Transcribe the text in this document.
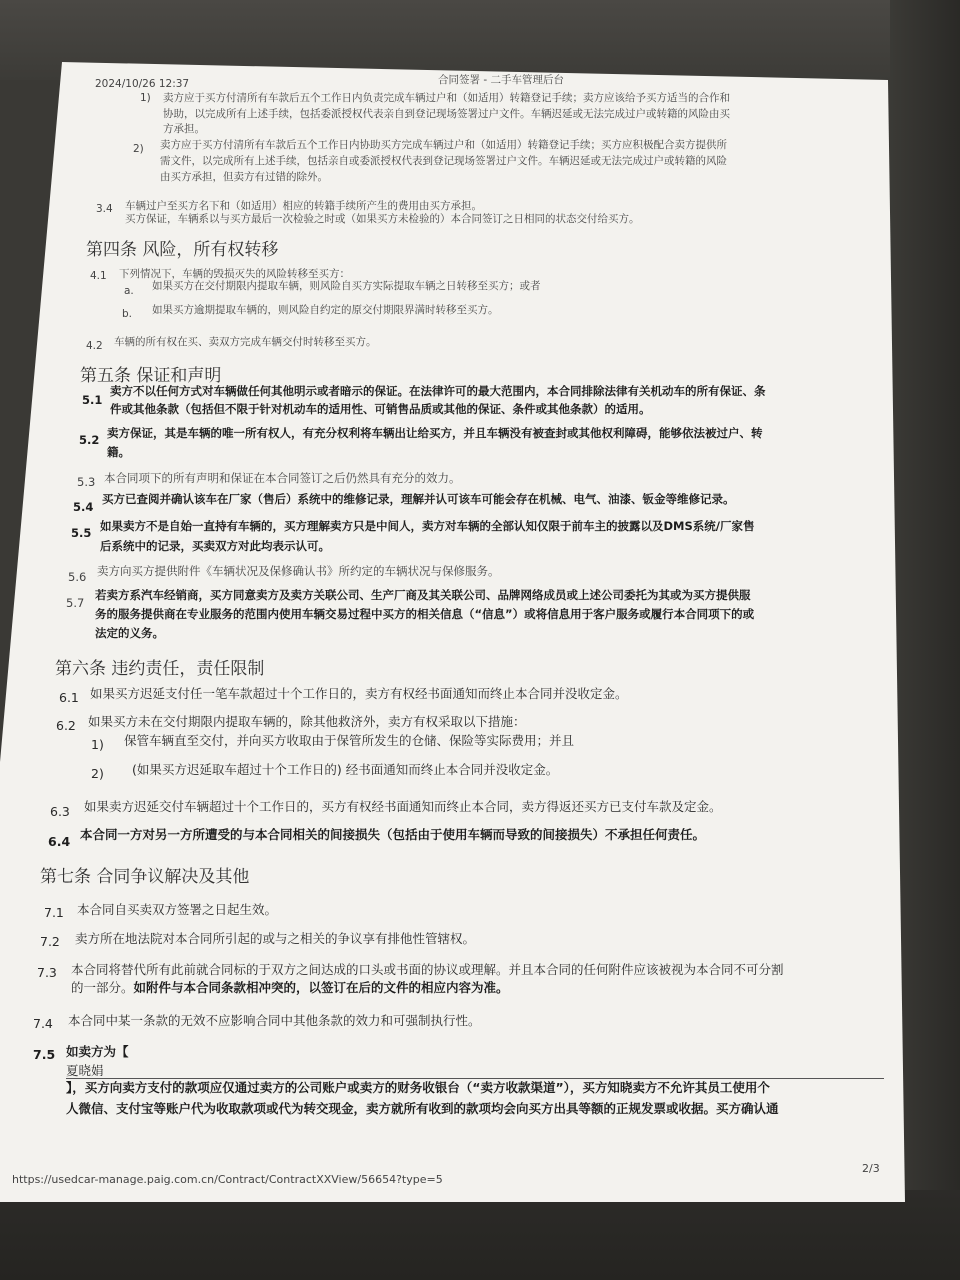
2024/10/26 12:37	合同签署 - 二手车管理后台
1) 卖方应于买方付清所有车款后五个工作日内负责完成车辆过户和（如适用）转籍登记手续；卖方应该给予买方适当的合作和
协助，以完成所有上述手续，包括委派授权代表亲自到登记现场签署过户文件。车辆迟延或无法完成过户或转籍的风险由买
方承担。
2) 卖方应于买方付清所有车款后五个工作日内协助买方完成车辆过户和（如适用）转籍登记手续；买方应积极配合卖方提供所
需文件，以完成所有上述手续，包括亲自或委派授权代表到登记现场签署过户文件。车辆迟延或无法完成过户或转籍的风险
由买方承担，但卖方有过错的除外。
3.4 车辆过户至买方名下和（如适用）相应的转籍手续所产生的费用由买方承担。
买方保证，车辆系以与买方最后一次检验之时或（如果买方未检验的）本合同签订之日相同的状态交付给买方。
第四条 风险，所有权转移
4.1 下列情况下，车辆的毁损灭失的风险转移至买方：
a. 如果买方在交付期限内提取车辆，则风险自买方实际提取车辆之日转移至买方；或者
b. 如果买方逾期提取车辆的，则风险自约定的原交付期限界满时转移至买方。
4.2 车辆的所有权在买、卖双方完成车辆交付时转移至买方。
第五条 保证和声明
5.1
卖方不以任何方式对车辆做任何其他明示或者暗示的保证。在法律许可的最大范围内，本合同排除法律有关机动车的所有保证、条
件或其他条款（包括但不限于针对机动车的适用性、可销售品质或其他的保证、条件或其他条款）的适用。
5.2 卖方保证，其是车辆的唯一所有权人，有充分权利将车辆出让给买方，并且车辆没有被查封或其他权利障碍，能够依法被过户、转
籍。
5.3 本合同项下的所有声明和保证在本合同签订之后仍然具有充分的效力。
5.4
买方已查阅并确认该车在厂家（售后）系统中的维修记录，理解并认可该车可能会存在机械、电气、油漆、钣金等维修记录。
5.5 如果卖方不是自始一直持有车辆的，买方理解卖方只是中间人，卖方对车辆的全部认知仅限于前车主的披露以及DMS系统/厂家售
后系统中的记录，买卖双方对此均表示认可。
5.6 卖方向买方提供附件《车辆状况及保修确认书》所约定的车辆状况与保修服务。
5.7
若卖方系汽车经销商，买方同意卖方及卖方关联公司、生产厂商及其关联公司、品牌网络成员或上述公司委托为其或为买方提供服
务的服务提供商在专业服务的范围内使用车辆交易过程中买方的相关信息（“信息”）或将信息用于客户服务或履行本合同项下的或
法定的义务。
第六条 违约责任，责任限制
6.1 如果买方迟延支付任一笔车款超过十个工作日的，卖方有权经书面通知而终止本合同并没收定金。
6.2 如果买方未在交付期限内提取车辆的，除其他救济外，卖方有权采取以下措施：
1) 保管车辆直至交付，并向买方收取由于保管所发生的仓储、保险等实际费用；并且
2) (如果买方迟延取车超过十个工作日的) 经书面通知而终止本合同并没收定金。
6.3 如果卖方迟延交付车辆超过十个工作日的，买方有权经书面通知而终止本合同，卖方得返还买方已支付车款及定金。
6.4 本合同一方对另一方所遭受的与本合同相关的间接损失（包括由于使用车辆而导致的间接损失）不承担任何责任。
第七条 合同争议解决及其他
7.1 本合同自买卖双方签署之日起生效。
7.2 卖方所在地法院对本合同所引起的或与之相关的争议享有排他性管辖权。
7.3 本合同将替代所有此前就合同标的于双方之间达成的口头或书面的协议或理解。并且本合同的任何附件应该被视为本合同不可分割
的一部分。如附件与本合同条款相冲突的，以签订在后的文件的相应内容为准。
7.4 本合同中某一条款的无效不应影响合同中其他条款的效力和可强制执行性。
7.5 如卖方为【
夏晓娟
】，买方向卖方支付的款项应仅通过卖方的公司账户或卖方的财务收银台（“卖方收款渠道”），买方知晓卖方不允许其员工使用个
人微信、支付宝等账户代为收取款项或代为转交现金，卖方就所有收到的款项均会向买方出具等额的正规发票或收据。买方确认通
https://usedcar-manage.paig.com.cn/Contract/ContractXXView/56654?type=5
2/3
